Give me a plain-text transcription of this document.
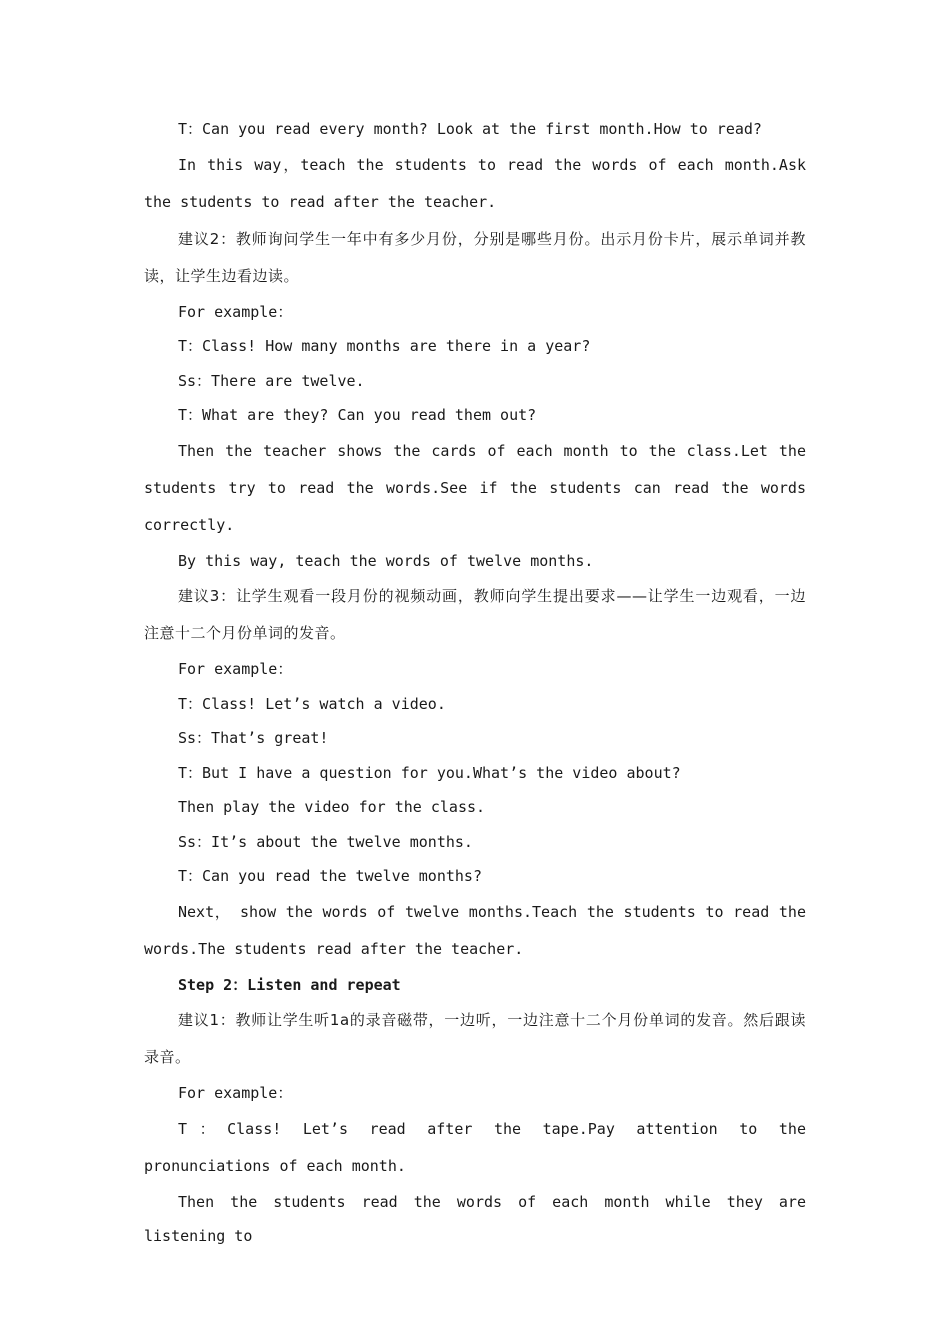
T：Can you read every month? Look at the first month.How to read?

In this way，teach the students to read the words of each month.Ask the students to read after the teacher.

建议2：教师询问学生一年中有多少月份，分别是哪些月份。出示月份卡片，展示单词并教读，让学生边看边读。

For example：

T：Class! How many months are there in a year?

Ss：There are twelve.

T：What are they? Can you read them out?

Then the teacher shows the cards of each month to the class.Let the students try to read the words.See if the students can read the words correctly.

By this way, teach the words of twelve months.

建议3：让学生观看一段月份的视频动画，教师向学生提出要求——让学生一边观看，一边注意十二个月份单词的发音。

For example：

T：Class! Let’s watch a video.

Ss：That’s great!

T：But I have a question for you.What’s the video about?

Then play the video for the class.

Ss：It’s about the twelve months.

T：Can you read the twelve months?

Next， show the words of twelve months.Teach the students to read the words.The students read after the teacher.

Step 2：Listen and repeat

建议1：教师让学生听1a的录音磁带，一边听，一边注意十二个月份单词的发音。然后跟读录音。

For example：

T：Class! Let’s read after the tape.Pay attention to the pronunciations of each month.

Then the students read the words of each month while they are listening to
